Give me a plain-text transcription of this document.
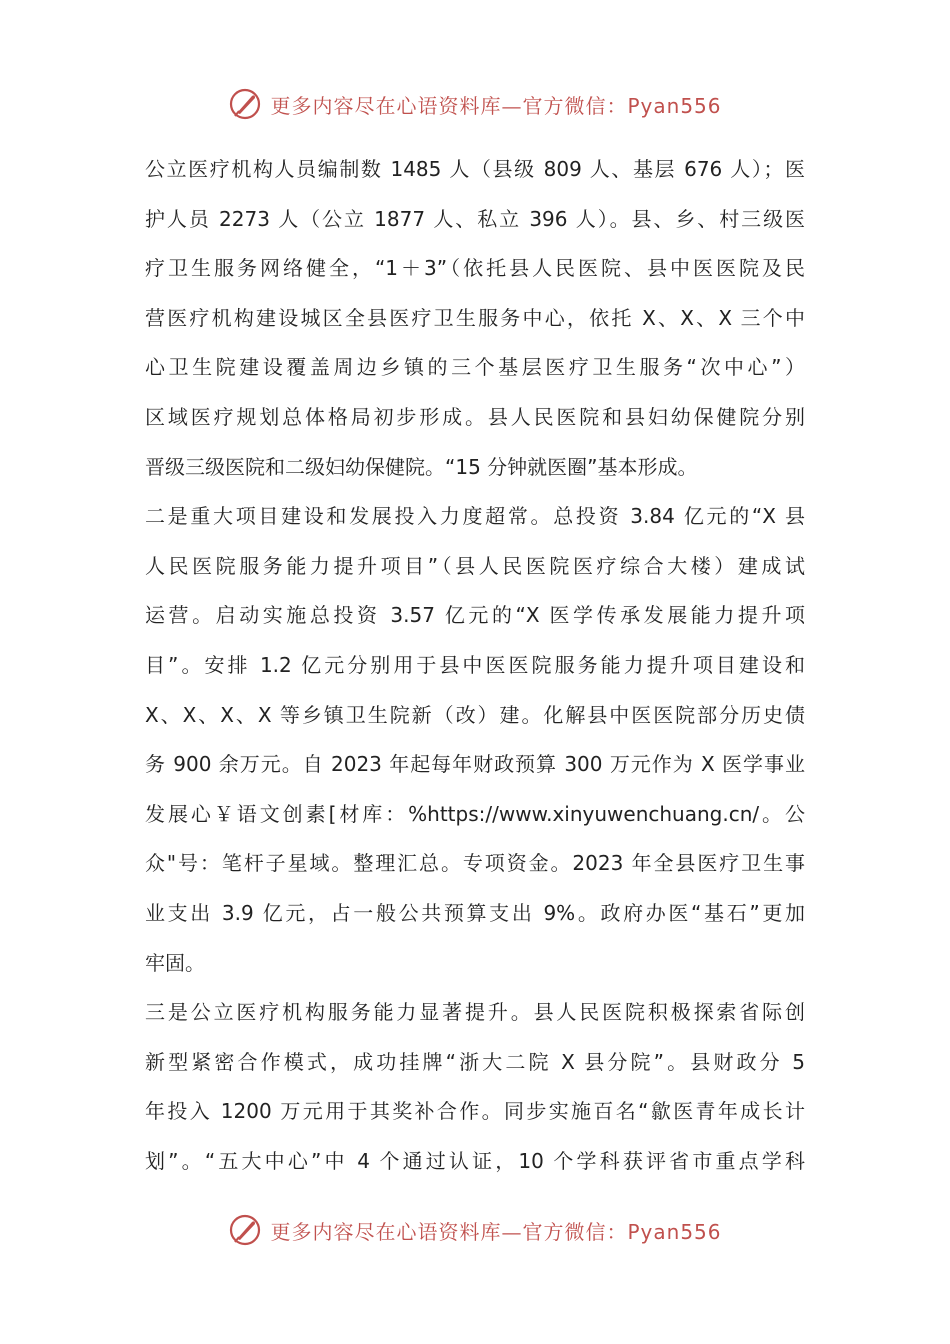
更多内容尽在心语资料库—官方微信：Pyan556
公立医疗机构人员编制数 1485 人（县级 809 人、基层 676 人）；医
护人员 2273 人（公立 1877 人、私立 396 人）。县、乡、村三级医
疗卫生服务网络健全，“1＋3”（依托县人民医院、县中医医院及民
营医疗机构建设城区全县医疗卫生服务中心，依托 X、X、X 三个中
心卫生院建设覆盖周边乡镇的三个基层医疗卫生服务“次中心”）
区域医疗规划总体格局初步形成。县人民医院和县妇幼保健院分别
晋级三级医院和二级妇幼保健院。“15 分钟就医圈”基本形成。
二是重大项目建设和发展投入力度超常。总投资 3.84 亿元的“X 县
人民医院服务能力提升项目”（县人民医院医疗综合大楼）建成试
运营。启动实施总投资 3.57 亿元的“X 医学传承发展能力提升项
目”。安排 1.2 亿元分别用于县中医医院服务能力提升项目建设和
X、X、X、X 等乡镇卫生院新（改）建。化解县中医医院部分历史债
务 900 余万元。自 2023 年起每年财政预算 300 万元作为 X 医学事业
发展心￥语文创素[材库：%https://www.xinyuwenchuang.cn/。公
众"号：笔杆子星域。整理汇总。专项资金。2023 年全县医疗卫生事
业支出 3.9 亿元，占一般公共预算支出 9%。政府办医“基石”更加
牢固。
三是公立医疗机构服务能力显著提升。县人民医院积极探索省际创
新型紧密合作模式，成功挂牌“浙大二院 X 县分院”。县财政分 5
年投入 1200 万元用于其奖补合作。同步实施百名“歙医青年成长计
划”。“五大中心”中 4 个通过认证，10 个学科获评省市重点学科
更多内容尽在心语资料库—官方微信：Pyan556
